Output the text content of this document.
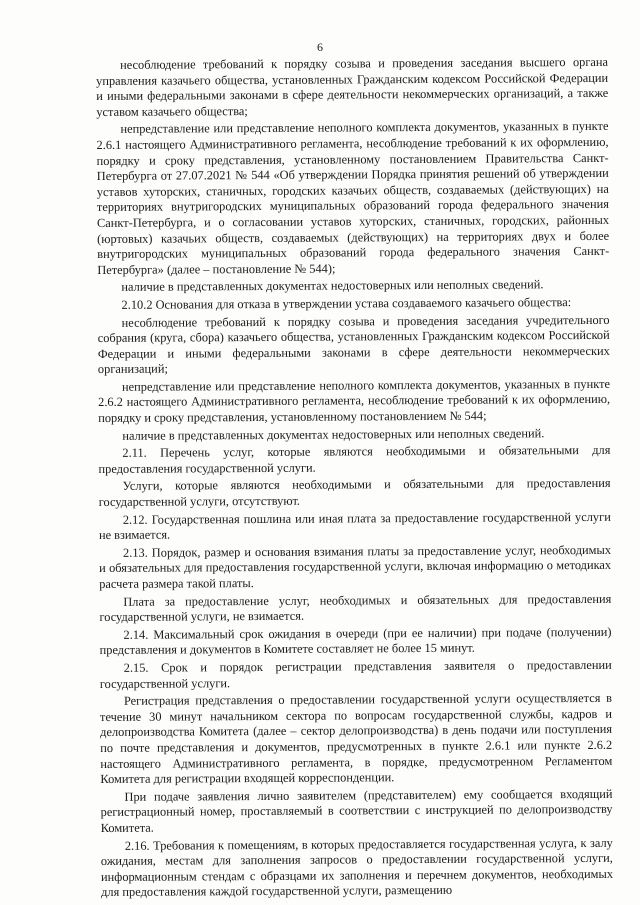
6

несоблюдение требований к порядку созыва и проведения заседания высшего органа управления казачьего общества, установленных Гражданским кодексом Российской Федерации и иными федеральными законами в сфере деятельности некоммерческих организаций, а также уставом казачьего общества;

непредставление или представление неполного комплекта документов, указанных в пункте 2.6.1 настоящего Административного регламента, несоблюдение требований к их оформлению, порядку и сроку представления, установленному постановлением Правительства Санкт-Петербурга от 27.07.2021 № 544 «Об утверждении Порядка принятия решений об утверждении уставов хуторских, станичных, городских казачьих обществ, создаваемых (действующих) на территориях внутригородских муниципальных образований города федерального значения Санкт-Петербурга, и о согласовании уставов хуторских, станичных, городских, районных (юртовых) казачьих обществ, создаваемых (действующих) на территориях двух и более внутригородских муниципальных образований города федерального значения Санкт-Петербурга» (далее – постановление № 544);

наличие в представленных документах недостоверных или неполных сведений.

2.10.2 Основания для отказа в утверждении устава создаваемого казачьего общества:

несоблюдение требований к порядку созыва и проведения заседания учредительного собрания (круга, сбора) казачьего общества, установленных Гражданским кодексом Российской Федерации и иными федеральными законами в сфере деятельности некоммерческих организаций;

непредставление или представление неполного комплекта документов, указанных в пункте 2.6.2 настоящего Административного регламента, несоблюдение требований к их оформлению, порядку и сроку представления, установленному постановлением № 544;

наличие в представленных документах недостоверных или неполных сведений.

2.11. Перечень услуг, которые являются необходимыми и обязательными для предоставления государственной услуги.

Услуги, которые являются необходимыми и обязательными для предоставления государственной услуги, отсутствуют.

2.12. Государственная пошлина или иная плата за предоставление государственной услуги не взимается.

2.13. Порядок, размер и основания взимания платы за предоставление услуг, необходимых и обязательных для предоставления государственной услуги, включая информацию о методиках расчета размера такой платы.

Плата за предоставление услуг, необходимых и обязательных для предоставления государственной услуги, не взимается.

2.14. Максимальный срок ожидания в очереди (при ее наличии) при подаче (получении) представления и документов в Комитете составляет не более 15 минут.

2.15. Срок и порядок регистрации представления заявителя о предоставлении государственной услуги.

Регистрация представления о предоставлении государственной услуги осуществляется в течение 30 минут начальником сектора по вопросам государственной службы, кадров и делопроизводства Комитета (далее – сектор делопроизводства) в день подачи или поступления по почте представления и документов, предусмотренных в пункте 2.6.1 или пункте 2.6.2 настоящего Административного регламента, в порядке, предусмотренном Регламентом Комитета для регистрации входящей корреспонденции.

При подаче заявления лично заявителем (представителем) ему сообщается входящий регистрационный номер, проставляемый в соответствии с инструкцией по делопроизводству Комитета.

2.16. Требования к помещениям, в которых предоставляется государственная услуга, к залу ожидания, местам для заполнения запросов о предоставлении государственной услуги, информационным стендам с образцами их заполнения и перечнем документов, необходимых для предоставления каждой государственной услуги, размещению
